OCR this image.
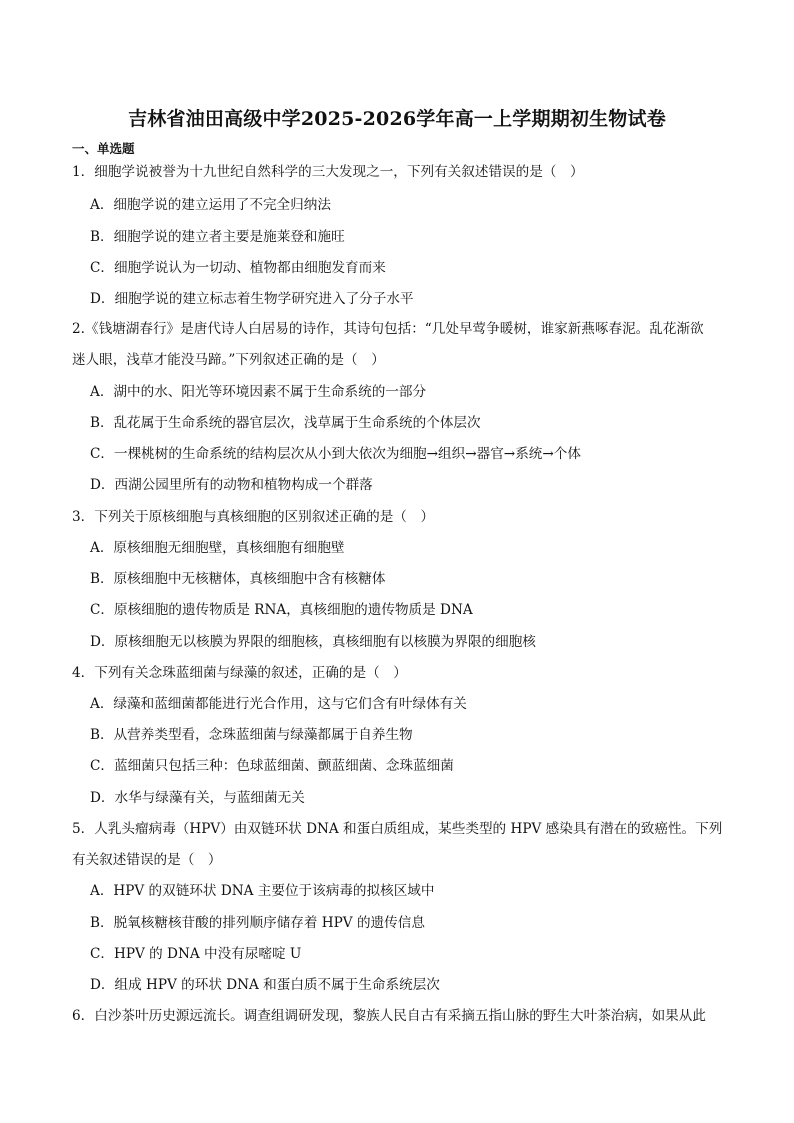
吉林省油田高级中学2025-2026学年高一上学期期初生物试卷
一、单选题
1．细胞学说被誉为十九世纪自然科学的三大发现之一，下列有关叙述错误的是（　）
A．细胞学说的建立运用了不完全归纳法
B．细胞学说的建立者主要是施莱登和施旺
C．细胞学说认为一切动、植物都由细胞发育而来
D．细胞学说的建立标志着生物学研究进入了分子水平
2.《钱塘湖春行》是唐代诗人白居易的诗作，其诗句包括：“几处早莺争暖树，谁家新燕啄春泥。乱花渐欲
迷人眼，浅草才能没马蹄。”下列叙述正确的是（　）
A．湖中的水、阳光等环境因素不属于生命系统的一部分
B．乱花属于生命系统的器官层次，浅草属于生命系统的个体层次
C．一棵桃树的生命系统的结构层次从小到大依次为细胞→组织→器官→系统→个体
D．西湖公园里所有的动物和植物构成一个群落
3．下列关于原核细胞与真核细胞的区别叙述正确的是（　）
A．原核细胞无细胞壁，真核细胞有细胞壁
B．原核细胞中无核糖体，真核细胞中含有核糖体
C．原核细胞的遗传物质是 RNA，真核细胞的遗传物质是 DNA
D．原核细胞无以核膜为界限的细胞核，真核细胞有以核膜为界限的细胞核
4．下列有关念珠蓝细菌与绿藻的叙述，正确的是（　）
A．绿藻和蓝细菌都能进行光合作用，这与它们含有叶绿体有关
B．从营养类型看，念珠蓝细菌与绿藻都属于自养生物
C．蓝细菌只包括三种：色球蓝细菌、颤蓝细菌、念珠蓝细菌
D．水华与绿藻有关，与蓝细菌无关
5．人乳头瘤病毒（HPV）由双链环状 DNA 和蛋白质组成，某些类型的 HPV 感染具有潜在的致癌性。下列
有关叙述错误的是（　）
A．HPV 的双链环状 DNA 主要位于该病毒的拟核区域中
B．脱氧核糖核苷酸的排列顺序储存着 HPV 的遗传信息
C．HPV 的 DNA 中没有尿嘧啶 U
D．组成 HPV 的环状 DNA 和蛋白质不属于生命系统层次
6．白沙茶叶历史源远流长。调查组调研发现，黎族人民自古有采摘五指山脉的野生大叶茶治病，如果从此
